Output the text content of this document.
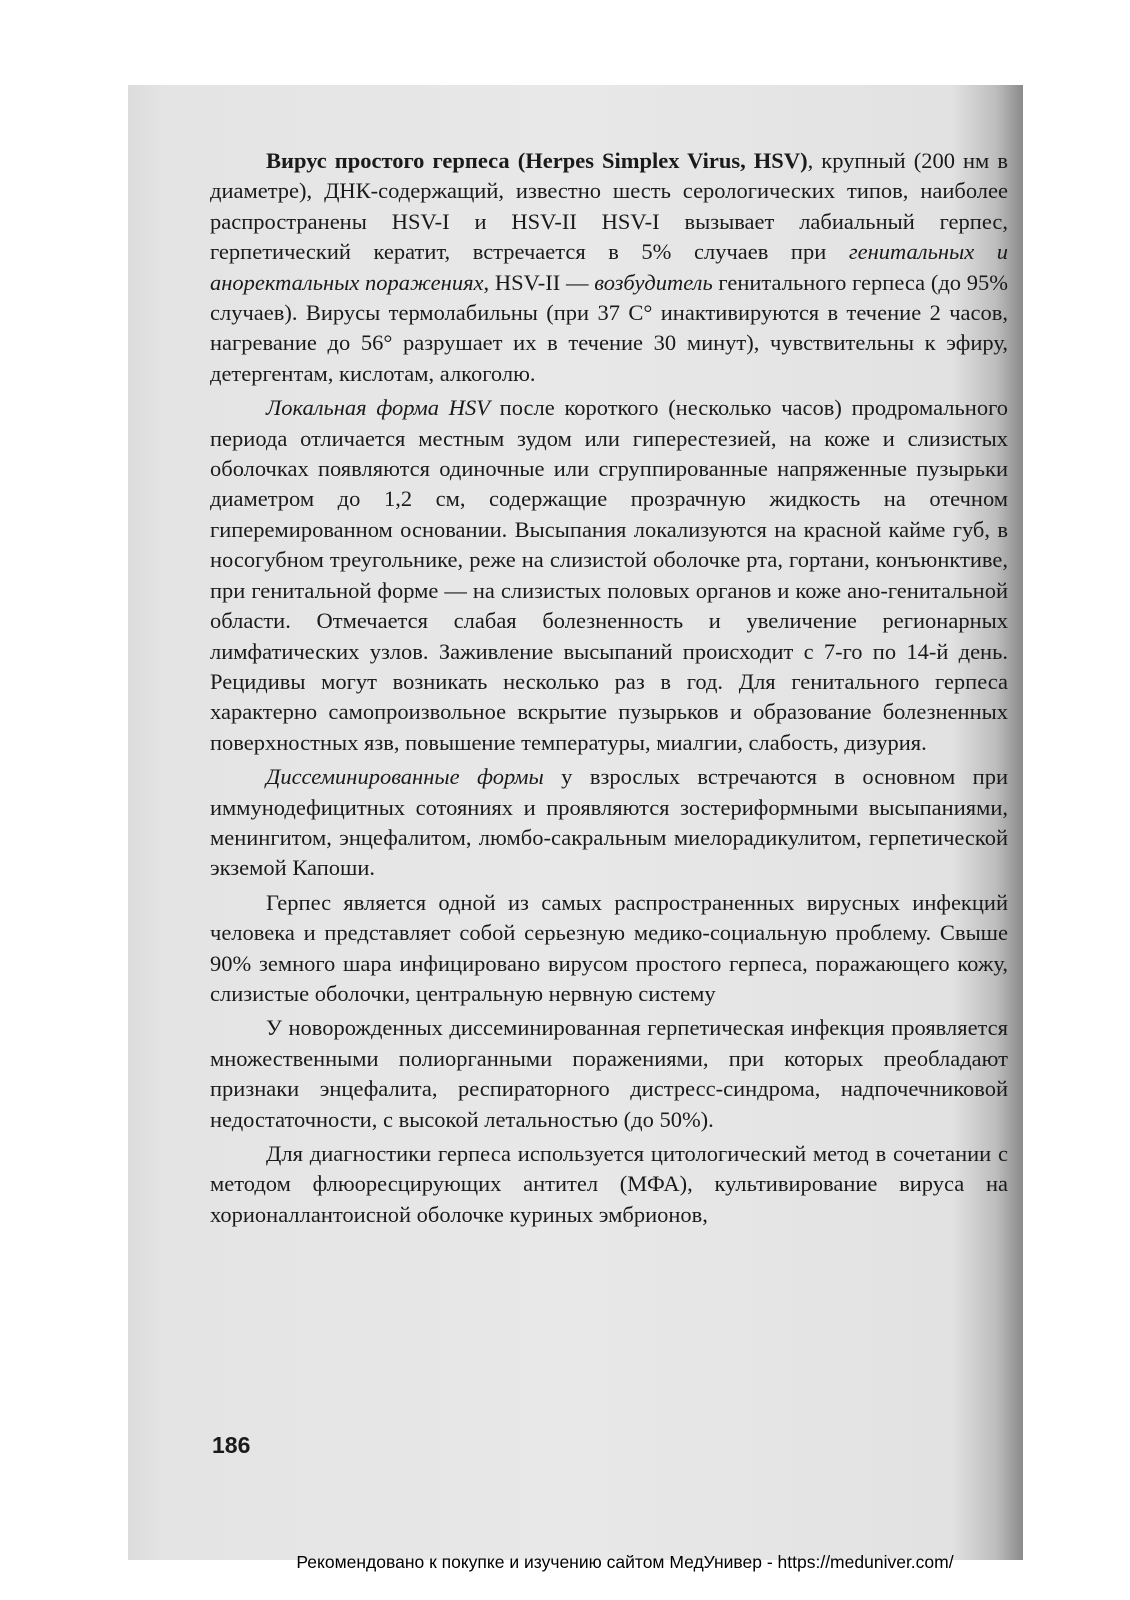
Вирус простого герпеса (Herpes Simplex Virus, HSV), крупный (200 нм в диаметре), ДНК-содержащий, известно шесть серологических типов, наиболее распространены HSV-I и HSV-II HSV-I вызывает лабиальный герпес, герпетический кератит, встречается в 5% случаев при генитальных и аноректальных поражениях, HSV-II — возбудитель генитального герпеса (до 95% случаев). Вирусы термолабильны (при 37 С° инактивируются в течение 2 часов, нагревание до 56° разрушает их в течение 30 минут), чувствительны к эфиру, детергентам, кислотам, алкоголю.

Локальная форма HSV после короткого (несколько часов) продромального периода отличается местным зудом или гиперестезией, на коже и слизистых оболочках появляются одиночные или сгруппированные напряженные пузырьки диаметром до 1,2 см, содержащие прозрачную жидкость на отечном гиперемированном основании. Высыпания локализуются на красной кайме губ, в носогубном треугольнике, реже на слизистой оболочке рта, гортани, конъюнктиве, при генитальной форме — на слизистых половых органов и коже ано-генитальной области. Отмечается слабая болезненность и увеличение регионарных лимфатических узлов. Заживление высыпаний происходит с 7-го по 14-й день. Рецидивы могут возникать несколько раз в год. Для генитального герпеса характерно самопроизвольное вскрытие пузырьков и образование болезненных поверхностных язв, повышение температуры, миалгии, слабость, дизурия.

Диссеминированные формы у взрослых встречаются в основном при иммунодефицитных сотояниях и проявляются зостериформными высыпаниями, менингитом, энцефалитом, люмбо-сакральным миелорадикулитом, герпетической экземой Капоши.

Герпес является одной из самых распространенных вирусных инфекций человека и представляет собой серьезную медико-социальную проблему. Свыше 90% земного шара инфицировано вирусом простого герпеса, поражающего кожу, слизистые оболочки, центральную нервную систему

У новорожденных диссеминированная герпетическая инфекция проявляется множественными полиорганными поражениями, при которых преобладают признаки энцефалита, респираторного дистресс-синдрома, надпочечниковой недостаточности, с высокой летальностью (до 50%).

Для диагностики герпеса используется цитологический метод в сочетании с методом флюоресцирующих антител (МФА), культивирование вируса на хорионаллантоисной оболочке куриных эмбрионов,

186
Рекомендовано к покупке и изучению сайтом МедУнивер - https://meduniver.com/
